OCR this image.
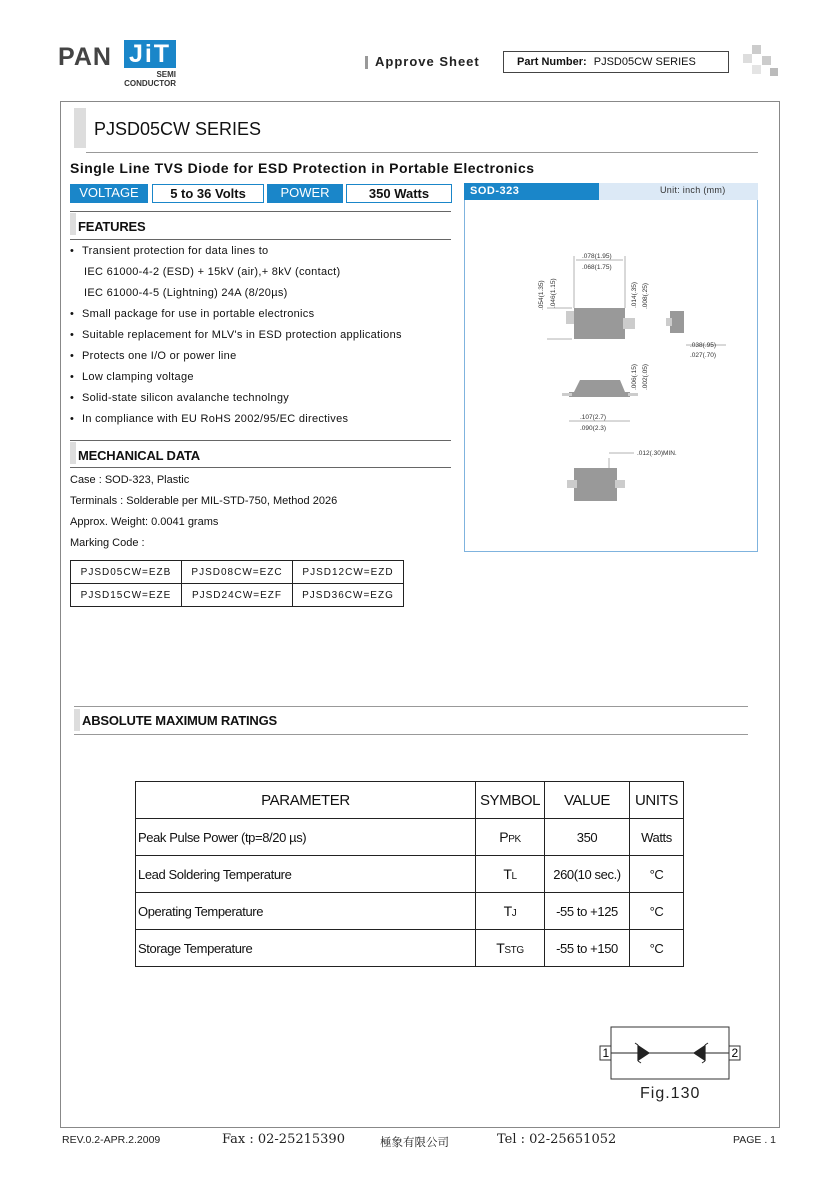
PAN JiT
SEMI
CONDUCTOR
Approve Sheet	Part Number: PJSD05CW SERIES
PJSD05CW SERIES
Single Line TVS Diode for ESD Protection in Portable Electronics
VOLTAGE	5 to 36 Volts	POWER	350 Watts
FEATURES
• Transient protection for data lines to
IEC 61000-4-2 (ESD) + 15kV (air),+ 8kV (contact)
IEC 61000-4-5 (Lightning) 24A (8/20µs)
• Small package for use in portable electronics
• Suitable replacement for MLV's in ESD protection applications
• Protects one I/O or power line
• Low clamping voltage
• Solid-state silicon avalanche technolngy
• In compliance with EU RoHS 2002/95/EC directives
MECHANICAL DATA
Case : SOD-323, Plastic
Terminals : Solderable per MIL-STD-750, Method 2026
Approx. Weight: 0.0041 grams
Marking Code :
PJSD05CW=EZB	PJSD08CW=EZC	PJSD12CW=EZD
PJSD15CW=EZE	PJSD24CW=EZF	PJSD36CW=EZG
SOD-323	Unit: inch (mm)
.078(1.95)
.068(1.75)
.054(1.35) .046(1.15)	.014(.35) .008(.25)
.038(.95)
.027(.70)
.006(.15) .002(.05)
.107(2.7)
.090(2.3)
.012(.30)MIN.
ABSOLUTE MAXIMUM RATINGS
PARAMETER	SYMBOL	VALUE	UNITS
Peak Pulse Power (tp=8/20 µs)	PPK	350	Watts
Lead Soldering Temperature	TL	260(10 sec.)	°C
Operating Temperature	TJ	-55 to +125	°C
Storage Temperature	TSTG	-55 to +150	°C
1	2
Fig.130
REV.0.2-APR.2.2009	Fax : 02-25215390	極象有限公司	Tel : 02-25651052	PAGE . 1
